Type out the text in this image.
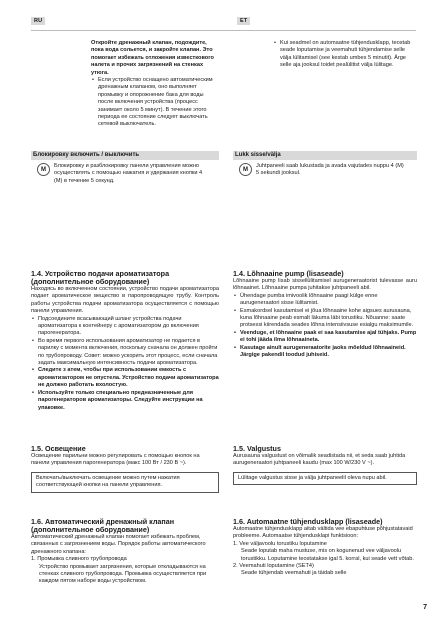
RU	ET

Откройте дренажный клапан, подождите, пока вода сольется, и закройте клапан. Это помогает избежать отложения известкового налета и прочих загрязнений на стенках утюга.

• Если устройство оснащено автоматическим дренажным клапаном, оно выполняет промывку и опорожнение бака для воды после включения устройства (процесс занимает около 5 минут). В течение этого периода ее состояние следует выключать сетевой выключатель.
Блокировку включить / выключить
M

Блокировку и разблокировку панели управления можно осуществлять с помощью нажатия и удержания кнопки 4 (M) в течение 5 секунд.

1.4. Устройство подачи ароматизатора (дополнительное оборудование)

Находясь во включенном состоянии, устройство подачи ароматизатора подает ароматическое вещество в паропроводящую трубу. Контроль работы устройства подачи ароматизатора осуществляется с помощью панели управления.

• Подсоедините всасывающий шланг устройства подачи ароматизатора к контейнеру с ароматизатором до включения парогенератора.
• Во время первого использования ароматизатор не подается в парилку с момента включения, поскольку сначала он должен пройти по трубопроводу. Совет: можно ускорить этот процесс, если сначала задать максимальную интенсивность подачи ароматизатора.
• Следите з атем, чтобы при использовании емкость с ароматизатором не опустела. Устройство подачи ароматизатора не должно работать вхолостую.
• Используйте только специально предназначенные для парогенераторов ароматизаторы. Следуйте инструкции на упаковке.

1.5. Освещение

Освещение парильни можно регулировать с помощью кнопок на панели управления парогенератора (макс 100 Вт / 230 В ~).

Включать/выключать освещение можно путем нажатия соответствующей кнопки на панели управления.

1.6. Автоматический дренажный клапан (дополнительное оборудование)

Автоматический дренажный клапан помогает избежать проблем, связанных с загрязнением воды. Порядок работы автоматического дренажного клапана:

1. Промывка сливного трубопровода

Устройство промывает загрязнения, которые откладываются на стенках сливного трубопровода. Промывка осуществляется при каждом пятом наборе воды устройством.

• Kui seadmel on automaatne tühjendusklapp, teostab seade loputamise ja veemahuti tühjendamise selle välja lülitamisel (see kestab umbes 5 minutit). Ärge selle aja jooksul toidet pealülitist välja lülitage.
Lukk sisse/välja
M

Juhtpaneeli saab lukustada ja avada vajutades nuppu 4 (M) 5 sekundi jooksul.

1.4. Lõhnaaine pump (lisaseade)

Lõhnaaine pump lisab sissellülitamisel aurugeneraatorist tulevasse auru lõhnaainet. Lõhnaaine pumpa juhitakse juhtpaneeli abil.

• Ühendage pumba imivoolik lõhnaaine paagi külge enne aurugeneraatori sisse lülitamist.
• Esmakordsel kasutamisel ei jõua lõhnaaine kohe aigsues aurusauna, kuna lõhnaaine peab esmalt läkuma läbi torustiku. Nõuanne: saate protsessi kiirendada seades lõhna intensiivsuse esialgu maksimumile.
• Veenduge, et lõhnaaine paak ei saa kasutamise ajal tühjaks. Pump ei tohi jääda ilma lõhnaaineta.
• Kasutage ainult aurugeneraatorite jaoks mõeldud lõhnaaineid. Järgige pakendil toodud juhiseid.

1.5. Valgustus

Aurusauna valgustust on võimalik seadistada nii, et seda saab juhtida aurugeneraatori juhtpaneeli kaudu (max 100 W/230 V ~).

Lülitage valgustus sisse ja välja juhtpaneelil oleva nupu abil.

1.6. Automaatne tühjendusklapp (lisaseade)

Automaatne tühjendusklapp aitab vältida vee ebapuhtuse põhjustatavaid probleeme. Automaatse tühjendusklapi funktsioon:

1. Vee väljavoolu torustiku loputamine

Seade loputab maha mustuse, mis on kogunenud vee väljavoolu torustikku. Loputamine teostatakse igal 5. korral, kui seade vett võtab.

2. Veemahuti loputamine (SET4)

Seade tühjendab veemahuti ja täidab selle

7
